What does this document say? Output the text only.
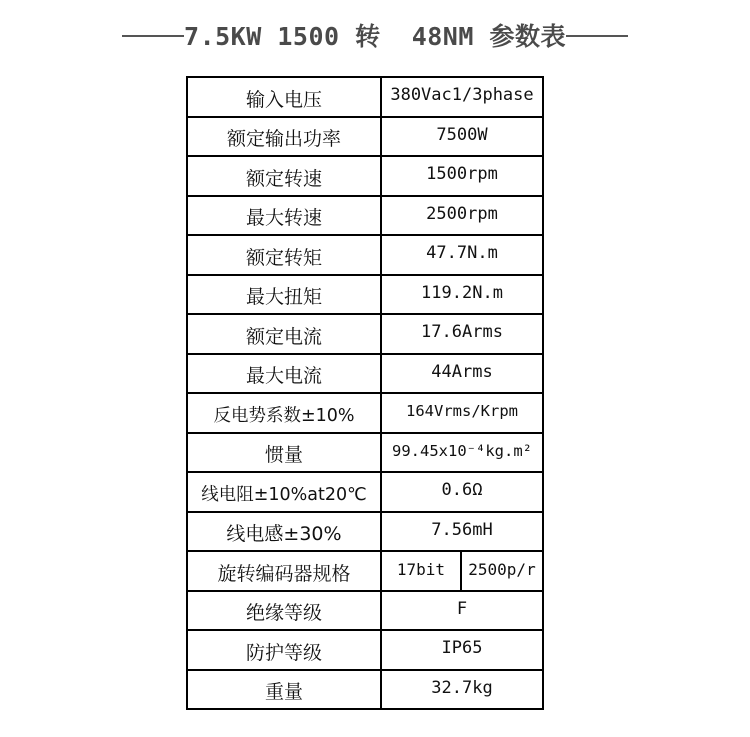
7.5KW 1500 转  48NM 参数表
输入电压	380Vac1/3phase	
额定输出功率	7500W	
额定转速	1500rpm	
最大转速	2500rpm	
额定转矩	47.7N.m	
最大扭矩	119.2N.m	
额定电流	17.6Arms	
最大电流	44Arms	
反电势系数±10%	164Vrms/Krpm	
惯量	99.45x10⁻⁴kg.m²	
线电阻±10%at20℃	0.6Ω	
线电感±30%	7.56mH	
旋转编码器规格	17bit	2500p/r
绝缘等级	F	
防护等级	IP65	
重量	32.7kg	
